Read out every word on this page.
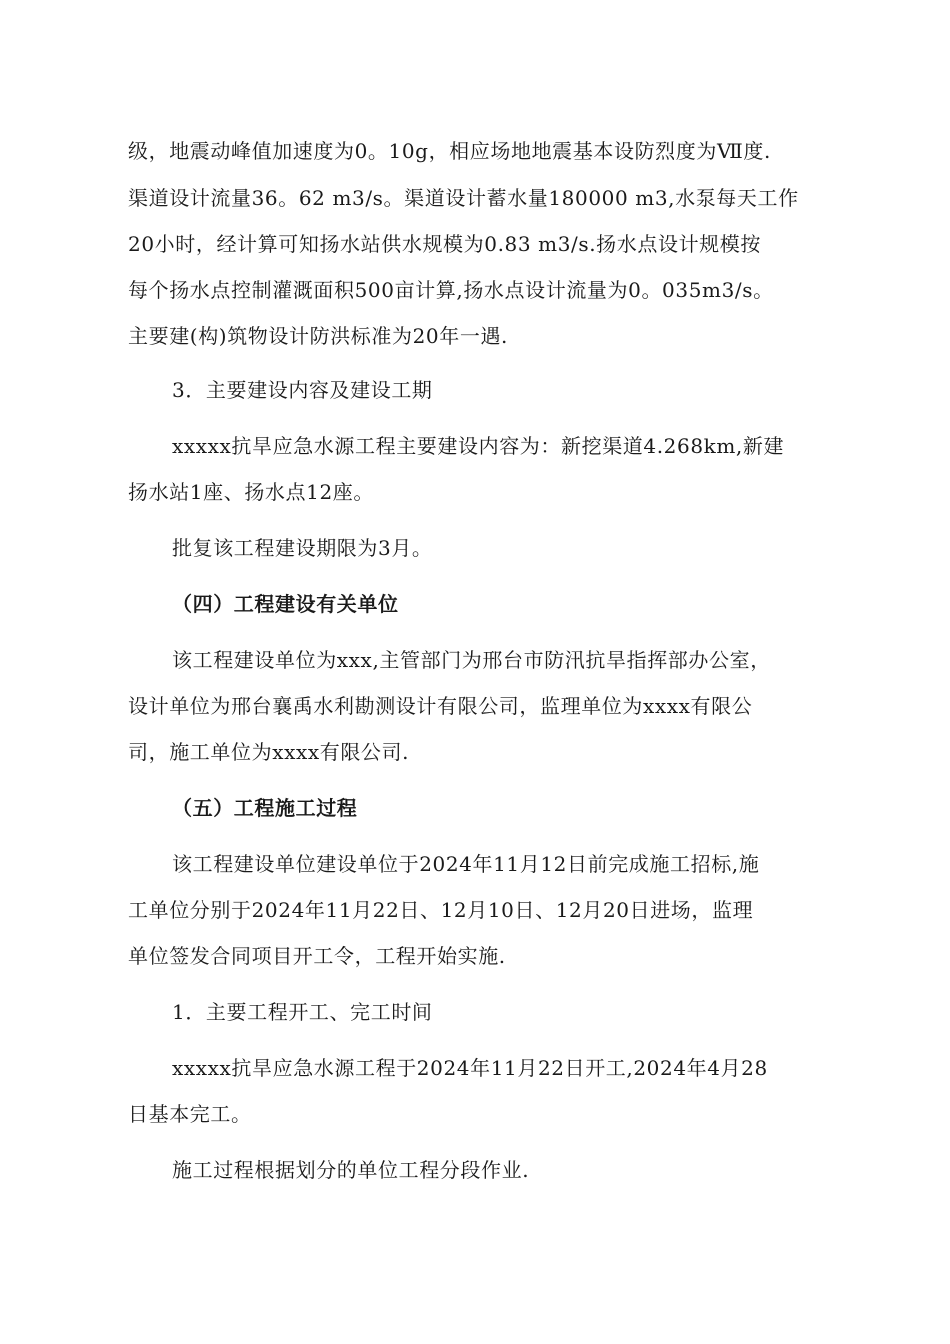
级，地震动峰值加速度为0。10g，相应场地地震基本设防烈度为Ⅶ度.
渠道设计流量36。62 m3/s。渠道设计蓄水量180000 m3,水泵每天工作
20小时，经计算可知扬水站供水规模为0.83 m3/s.扬水点设计规模按
每个扬水点控制灌溉面积500亩计算,扬水点设计流量为0。035m3/s。
主要建(构)筑物设计防洪标准为20年一遇.
3．主要建设内容及建设工期
xxxxx抗旱应急水源工程主要建设内容为：新挖渠道4.268km,新建
扬水站1座、扬水点12座。
批复该工程建设期限为3月。
（四）工程建设有关单位
该工程建设单位为xxx,主管部门为邢台市防汛抗旱指挥部办公室，
设计单位为邢台襄禹水利勘测设计有限公司，监理单位为xxxx有限公
司，施工单位为xxxx有限公司.
（五）工程施工过程
该工程建设单位建设单位于2024年11月12日前完成施工招标,施
工单位分别于2024年11月22日、12月10日、12月20日进场，监理
单位签发合同项目开工令，工程开始实施.
1．主要工程开工、完工时间
xxxxx抗旱应急水源工程于2024年11月22日开工,2024年4月28
日基本完工。
施工过程根据划分的单位工程分段作业.
